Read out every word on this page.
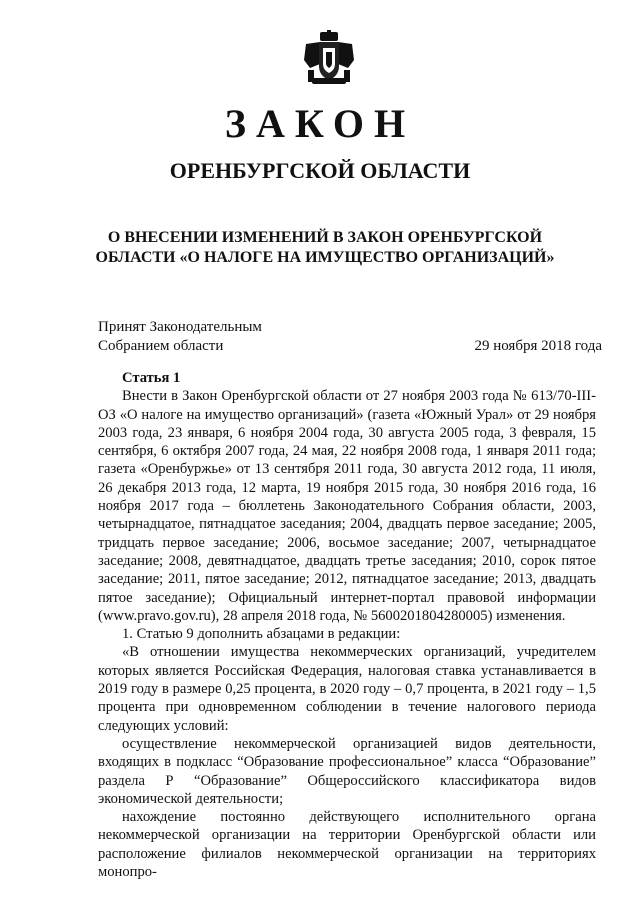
ЗАКОН
ОРЕНБУРГСКОЙ ОБЛАСТИ
О ВНЕСЕНИИ ИЗМЕНЕНИЙ В ЗАКОН ОРЕНБУРГСКОЙ ОБЛАСТИ «О НАЛОГЕ НА ИМУЩЕСТВО ОРГАНИЗАЦИЙ»
Принят Законодательным
Собранием области	29 ноября 2018 года
Статья 1

Внести в Закон Оренбургской области от 27 ноября 2003 года № 613/70-III-ОЗ «О налоге на имущество организаций» (газета «Южный Урал» от 29 ноября 2003 года, 23 января, 6 ноября 2004 года, 30 августа 2005 года, 3 февраля, 15 сентября, 6 октября 2007 года, 24 мая, 22 ноября 2008 года, 1 января 2011 года; газета «Оренбуржье» от 13 сентября 2011 года, 30 августа 2012 года, 11 июля, 26 декабря 2013 года, 12 марта, 19 ноября 2015 года, 30 ноября 2016 года, 16 ноября 2017 года – бюллетень Законодательного Собрания области, 2003, четырнадцатое, пятнадцатое заседания; 2004, двадцать первое заседание; 2005, тридцать первое заседание; 2006, восьмое заседание; 2007, четырнадцатое заседание; 2008, девятнадцатое, двадцать третье заседания; 2010, сорок пятое заседание; 2011, пятое заседание; 2012, пятнадцатое заседание; 2013, двадцать пятое заседание); Официальный интернет-портал правовой информации (www.pravo.gov.ru), 28 апреля 2018 года, № 5600201804280005) изменения.

1. Статью 9 дополнить абзацами в редакции:

«В отношении имущества некоммерческих организаций, учредителем которых является Российская Федерация, налоговая ставка устанавливается в 2019 году в размере 0,25 процента, в 2020 году – 0,7 процента, в 2021 году – 1,5 процента при одновременном соблюдении в течение налогового периода следующих условий:

осуществление некоммерческой организацией видов деятельности, входящих в подкласс “Образование профессиональное” класса “Образование” раздела Р “Образование” Общероссийского классификатора видов экономической деятельности;

нахождение постоянно действующего исполнительного органа некоммерческой организации на территории Оренбургской области или расположение филиалов некоммерческой организации на территориях монопро-
